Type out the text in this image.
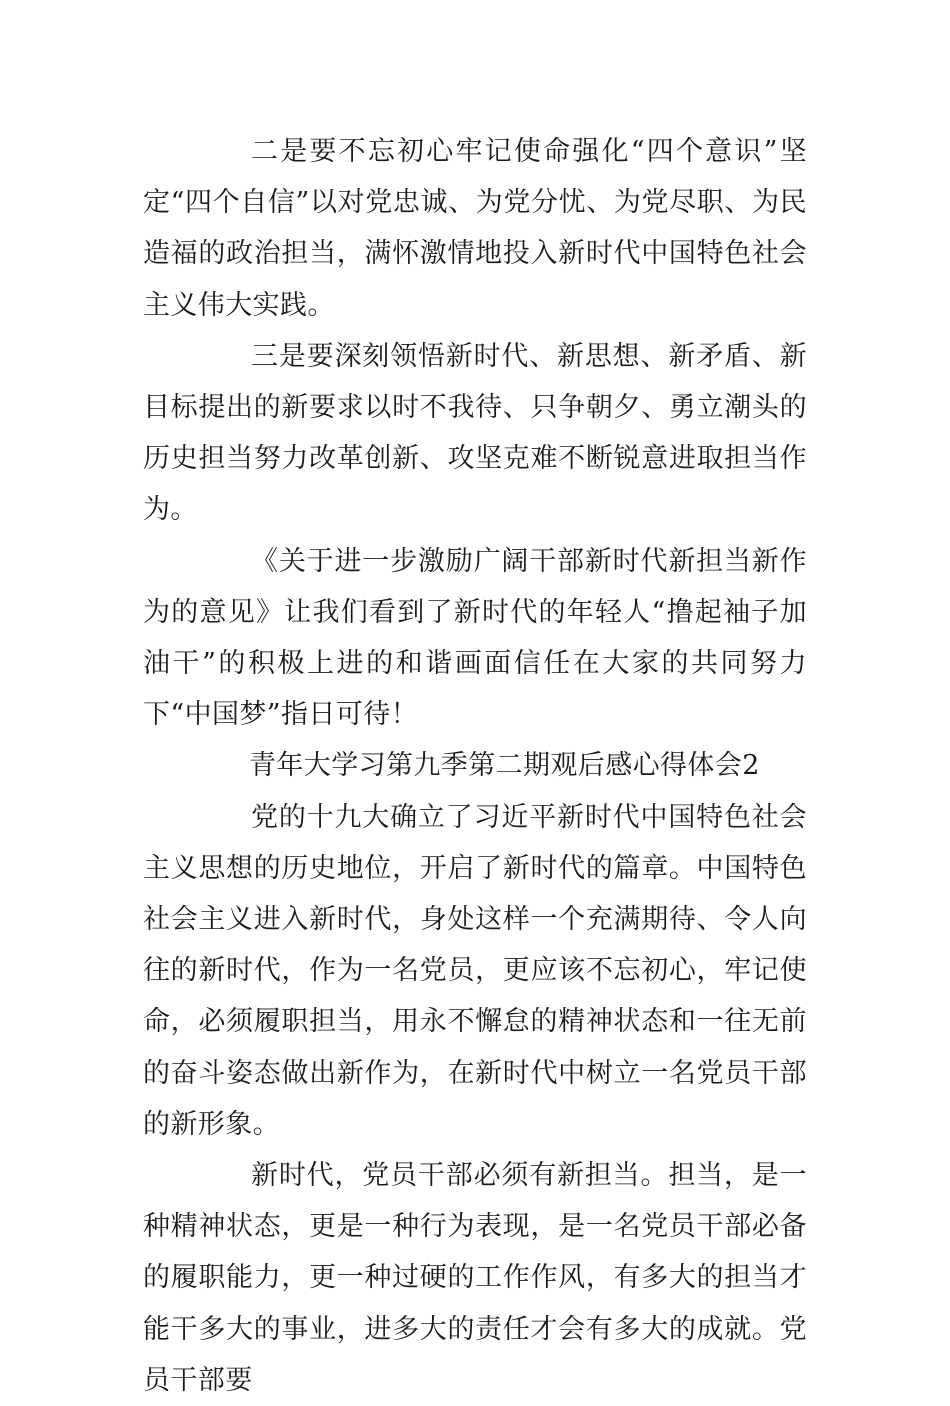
二是要不忘初心牢记使命强化“四个意识”坚定“四个自信”以对党忠诚、为党分忧、为党尽职、为民造福的政治担当，满怀激情地投入新时代中国特色社会主义伟大实践。

三是要深刻领悟新时代、新思想、新矛盾、新目标提出的新要求以时不我待、只争朝夕、勇立潮头的历史担当努力改革创新、攻坚克难不断锐意进取担当作为。

《关于进一步激励广阔干部新时代新担当新作为的意见》让我们看到了新时代的年轻人“撸起袖子加油干”的积极上进的和谐画面信任在大家的共同努力下“中国梦”指日可待！

青年大学习第九季第二期观后感心得体会2

党的十九大确立了习近平新时代中国特色社会主义思想的历史地位，开启了新时代的篇章。中国特色社会主义进入新时代，身处这样一个充满期待、令人向往的新时代，作为一名党员，更应该不忘初心，牢记使命，必须履职担当，用永不懈怠的精神状态和一往无前的奋斗姿态做出新作为，在新时代中树立一名党员干部的新形象。

新时代，党员干部必须有新担当。担当，是一种精神状态，更是一种行为表现，是一名党员干部必备的履职能力，更一种过硬的工作作风，有多大的担当才能干多大的事业，进多大的责任才会有多大的成就。党员干部要
